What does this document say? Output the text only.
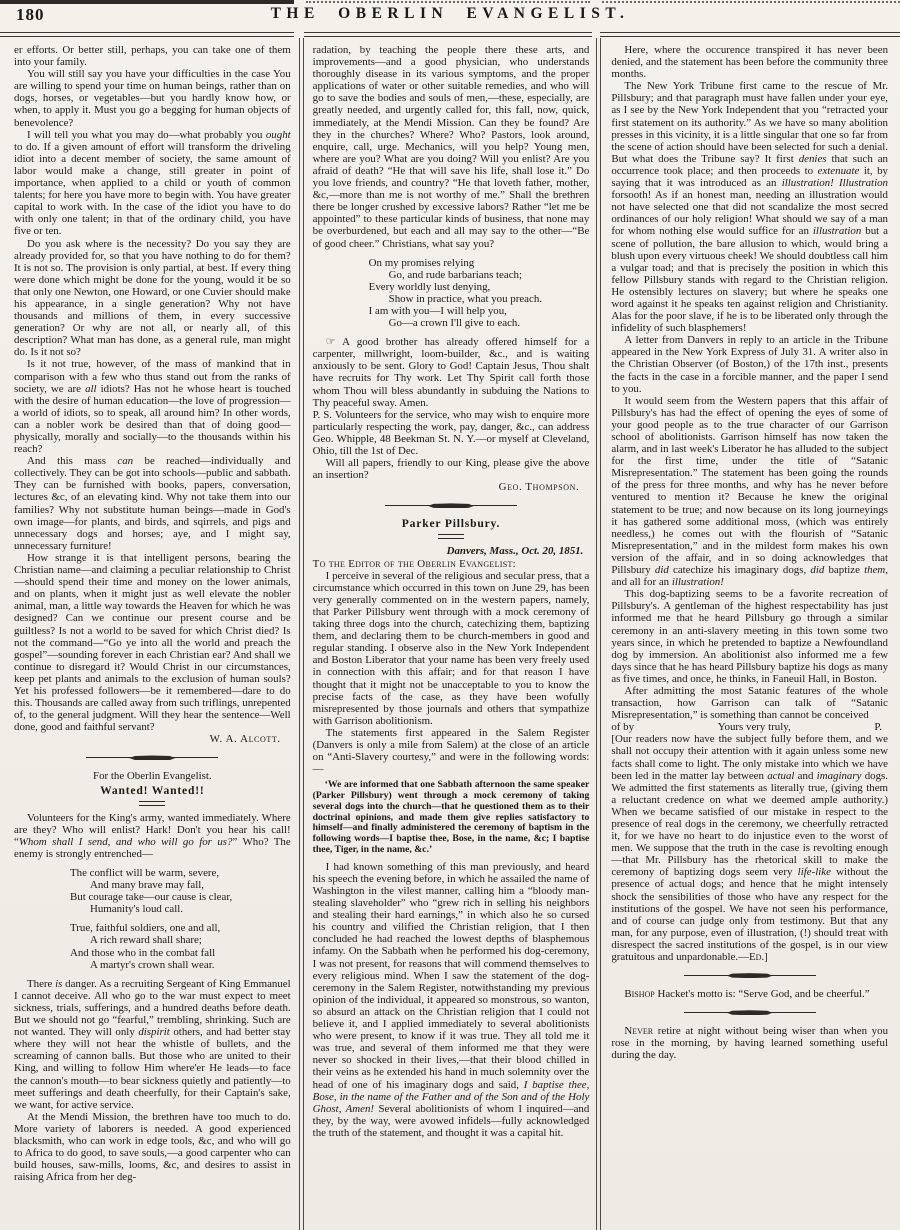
180	THE OBERLIN EVANGELIST.
er efforts. Or better still, perhaps, you can take one of them into your family.
You will still say you have your difficulties in the case You are willing to spend your time on human beings, rather than on dogs, horses, or vegetables—but you hardly know how, or when, to apply it. Must you go a begging for human objects of benevolence?
I will tell you what you may do—what probably you ought to do. If a given amount of effort will transform the driveling idiot into a decent member of society, the same amount of labor would make a change, still greater in point of importance, when applied to a child or youth of common talents; for here you have more to begin with. You have greater capital to work with. In the case of the idiot you have to do with only one talent; in that of the ordinary child, you have five or ten.
Do you ask where is the necessity? Do you say they are already provided for, so that you have nothing to do for them? It is not so. The provision is only partial, at best. If every thing were done which might be done for the young, would it be so that only one Newton, one Howard, or one Cuvier should make his appearance, in a single generation? Why not have thousands and millions of them, in every successive generation? Or why are not all, or nearly all, of this description? What man has done, as a general rule, man might do. Is it not so?
Is it not true, however, of the mass of mankind that in comparison with a few who thus stand out from the ranks of society, we are all idiots? Has not he whose heart is touched with the desire of human education—the love of progression—a world of idiots, so to speak, all around him? In other words, can a nobler work be desired than that of doing good—physically, morally and socially—to the thousands within his reach?
And this mass can be reached—individually and collectively. They can be got into schools—public and sabbath. They can be furnished with books, papers, conversation, lectures &c, of an elevating kind. Why not take them into our families? Why not substitute human beings—made in God's own image—for plants, and birds, and sqirrels, and pigs and unnecessary dogs and horses; aye, and I might say, unnecessary furniture!
How strange it is that intelligent persons, bearing the Christian name—and claiming a peculiar relationship to Christ—should spend their time and money on the lower animals, and on plants, when it might just as well elevate the nobler animal, man, a little way towards the Heaven for which he was designed? Can we continue our present course and be guiltless? Is not a world to be saved for which Christ died? Is not the command—“Go ye into all the world and preach the gospel”—sounding forever in each Christian ear? And shall we continue to disregard it? Would Christ in our circumstances, keep pet plants and animals to the exclusion of human souls? Yet his professed followers—be it remembered—dare to do this. Thousands are called away from such triflings, unrepented of, to the general judgment. Will they hear the sentence—Well done, good and faithful servant?
W. A. Alcott.
For the Oberlin Evangelist.
Wanted! Wanted!!
Volunteers for the King's army, wanted immediately. Where are they? Who will enlist? Hark! Don't you hear his call! “Whom shall I send, and who will go for us?” Who? The enemy is strongly entrenched—
The conflict will be warm, severe,
And many brave may fall,
But courage take—our cause is clear,
Humanity's loud call.
True, faithful soldiers, one and all,
A rich reward shall share;
And those who in the combat fall
A martyr's crown shall wear.
There is danger. As a recruiting Sergeant of King Emmanuel I cannot deceive. All who go to the war must expect to meet sickness, trials, sufferings, and a hundred deaths before death. But we should not go “fearful,” trembling, shrinking. Such are not wanted. They will only dispirit others, and had better stay where they will not hear the whistle of bullets, and the screaming of cannon balls. But those who are united to their King, and willing to follow Him where'er He leads—to face the cannon's mouth—to bear sickness quietly and patiently—to meet sufferings and death cheerfully, for their Captain's sake, we want, for active service.
At the Mendi Mission, the brethren have too much to do. More variety of laborers is needed. A good experienced blacksmith, who can work in edge tools, &c, and who will go to Africa to do good, to save souls,—a good carpenter who can build houses, saw-mills, looms, &c, and desires to assist in raising Africa from her deg-
radation, by teaching the people there these arts, and improvements—and a good physician, who understands thoroughly disease in its various symptoms, and the proper applications of water or other suitable remedies, and who will go to save the bodies and souls of men,—these, especially, are greatly needed, and urgently called for, this fall, now, quick, immediately, at the Mendi Mission. Can they be found? Are they in the churches? Where? Who? Pastors, look around, enquire, call, urge. Mechanics, will you help? Young men, where are you? What are you doing? Will you enlist? Are you afraid of death? “He that will save his life, shall lose it.” Do you love friends, and country? “He that loveth father, mother, &c,—more than me is not worthy of me.” Shall the brethren there be longer crushed by excessive labors? Rather “let me be appointed” to these particular kinds of business, that none may be overburdened, but each and all may say to the other—“Be of good cheer.” Christians, what say you?
On my promises relying
Go, and rude barbarians teach;
Every worldly lust denying,
Show in practice, what you preach.
I am with you—I will help you,
Go—a crown I'll give to each.
☞ A good brother has already offered himself for a carpenter, millwright, loom-builder, &c., and is waiting anxiously to be sent. Glory to God! Captain Jesus, Thou shalt have recruits for Thy work. Let Thy Spirit call forth those whom Thou will bless abundantly in subduing the Nations to Thy peaceful sway. Amen.
P. S. Volunteers for the service, who may wish to enquire more particularly respecting the work, pay, danger, &c., can address Geo. Whipple, 48 Beekman St. N. Y.—or myself at Cleveland, Ohio, till the 1st of Dec.
Will all papers, friendly to our King, please give the above an insertion?
Geo. Thompson.
Parker Pillsbury.
Danvers, Mass., Oct. 20, 1851.
To the Editor of the Oberlin Evangelist:
I perceive in several of the religious and secular press, that a circumstance which occurred in this town on June 29, has been very generally commented on in the western papers, namely, that Parker Pillsbury went through with a mock ceremony of taking three dogs into the church, catechizing them, baptizing them, and declaring them to be church-members in good and regular standing. I observe also in the New York Independent and Boston Liberator that your name has been very freely used in connection with this affair; and for that reason I have thought that it might not be unacceptable to you to know the precise facts of the case, as they have been wofully misrepresented by those journals and others that sympathize with Garrison abolitionism.
The statements first appeared in the Salem Register (Danvers is only a mile from Salem) at the close of an article on “Anti-Slavery courtesy,” and were in the following words:—
‘We are informed that one Sabbath afternoon the same speaker (Parker Pillsbury) went through a mock ceremony of taking several dogs into the church—that he questioned them as to their doctrinal opinions, and made them give replies satisfactory to himself—and finally administered the ceremony of baptism in the following words—I baptise thee, Bose, in the name, &c; I baptise thee, Tiger, in the name, &c.’
I had known something of this man previously, and heard his speech the evening before, in which he assailed the name of Washington in the vilest manner, calling him a “bloody man-stealing slaveholder” who “grew rich in selling his neighbors and stealing their hard earnings,” in which also he so cursed his country and vilified the Christian religion, that I then concluded he had reached the lowest depths of blasphemous infamy. On the Sabbath when he performed his dog-ceremony, I was not present, for reasons that will commend themselves to every religious mind. When I saw the statement of the dog-ceremony in the Salem Register, notwithstanding my previous opinion of the individual, it appeared so monstrous, so wanton, so absurd an attack on the Christian religion that I could not believe it, and I applied immediately to several abolitionists who were present, to know if it was true. They all told me it was true, and several of them informed me that they were never so shocked in their lives,—that their blood chilled in their veins as he extended his hand in much solemnity over the head of one of his imaginary dogs and said, I baptise thee, Bose, in the name of the Father and of the Son and of the Holy Ghost, Amen! Several abolitionists of whom I inquired—and they, by the way, were avowed infidels—fully acknowledged the truth of the statement, and thought it was a capital hit.
Here, where the occurence transpired it has never been denied, and the statement has been before the community three months.
The New York Tribune first came to the rescue of Mr. Pillsbury; and that paragraph must have fallen under your eye, as I see by the New York Independent that you “retracted your first statement on its authority.” As we have so many abolition presses in this vicinity, it is a little singular that one so far from the scene of action should have been selected for such a denial. But what does the Tribune say? It first denies that such an occurrence took place; and then proceeds to extenuate it, by saying that it was introduced as an illustration! Illustration forsooth! As if an honest man, needing an illustration would not have selected one that did not scandalize the most secred ordinances of our holy religion! What should we say of a man for whom nothing else would suffice for an illustration but a scene of pollution, the bare allusion to which, would bring a blush upon every virtuous cheek! We should doubtless call him a vulgar toad; and that is precisely the position in which this fellow Pillsbury stands with regard to the Christian religion. He ostensibly lectures on slavery; but where he speaks one word against it he speaks ten against religion and Christianity. Alas for the poor slave, if he is to be liberated only through the infidelity of such blasphemers!
A letter from Danvers in reply to an article in the Tribune appeared in the New York Express of July 31. A writer also in the Christian Observer (of Boston,) of the 17th inst., presents the facts in the case in a forcible manner, and the paper I send to you.
It would seem from the Western papers that this affair of Pillsbury's has had the effect of opening the eyes of some of your good people as to the true character of our Garrison school of abolitionists. Garrison himself has now taken the alarm, and in last week's Liberator he has alluded to the subject for the first time, under the title of “Satanic Misrepresentation.” The statement has been going the rounds of the press for three months, and why has he never before ventured to mention it? Because he knew the original statement to be true; and now because on its long journeyings it has gathered some additional moss, (which was entirely needless,) he comes out with the flourish of “Satanic Misrepresentation,” and in the mildest form makes his own version of the affair, and in so doing acknowledges that Pillsbury did catechize his imaginary dogs, did baptize them, and all for an illustration!
This dog-baptizing seems to be a favorite recreation of Pillsbury's. A gentleman of the highest respectability has just informed me that he heard Pillsbury go through a similar ceremony in an anti-slavery meeting in this town some two years since, in which he pretended to baptize a Newfoundland dog by immersion. An abolitionist also informed me a few days since that he has heard Pillsbury baptize his dogs as many as five times, and once, he thinks, in Faneuil Hall, in Boston.
After admitting the most Satanic features of the whole transaction, how Garrison can talk of “Satanic Misrepresentation,” is something than cannot be conceived
of by	Yours very truly,	P.
[Our readers now have the subject fully before them, and we shall not occupy their attention with it again unless some new facts shall come to light. The only mistake into which we have been led in the matter lay between actual and imaginary dogs. We admitted the first statements as literally true, (giving them a reluctant credence on what we deemed ample authority.) When we became satisfied of our mistake in respect to the presence of real dogs in the ceremony, we cheerfully retracted it, for we have no heart to do injustice even to the worst of men. We suppose that the truth in the case is revolting enough—that Mr. Pillsbury has the rhetorical skill to make the ceremony of baptizing dogs seem very life-like without the presence of actual dogs; and hence that he might intensely shock the sensibilities of those who have any respect for the institutions of the gospel. We have not seen his performance, and of course can judge only from testimony. But that any man, for any purpose, even of illustration, (!) should treat with disrespect the sacred institutions of the gospel, is in our view gratuitous and unpardonable.—Ed.]
Bishop Hacket's motto is: “Serve God, and be cheerful.”
Never retire at night without being wiser than when you rose in the morning, by having learned something useful during the day.
